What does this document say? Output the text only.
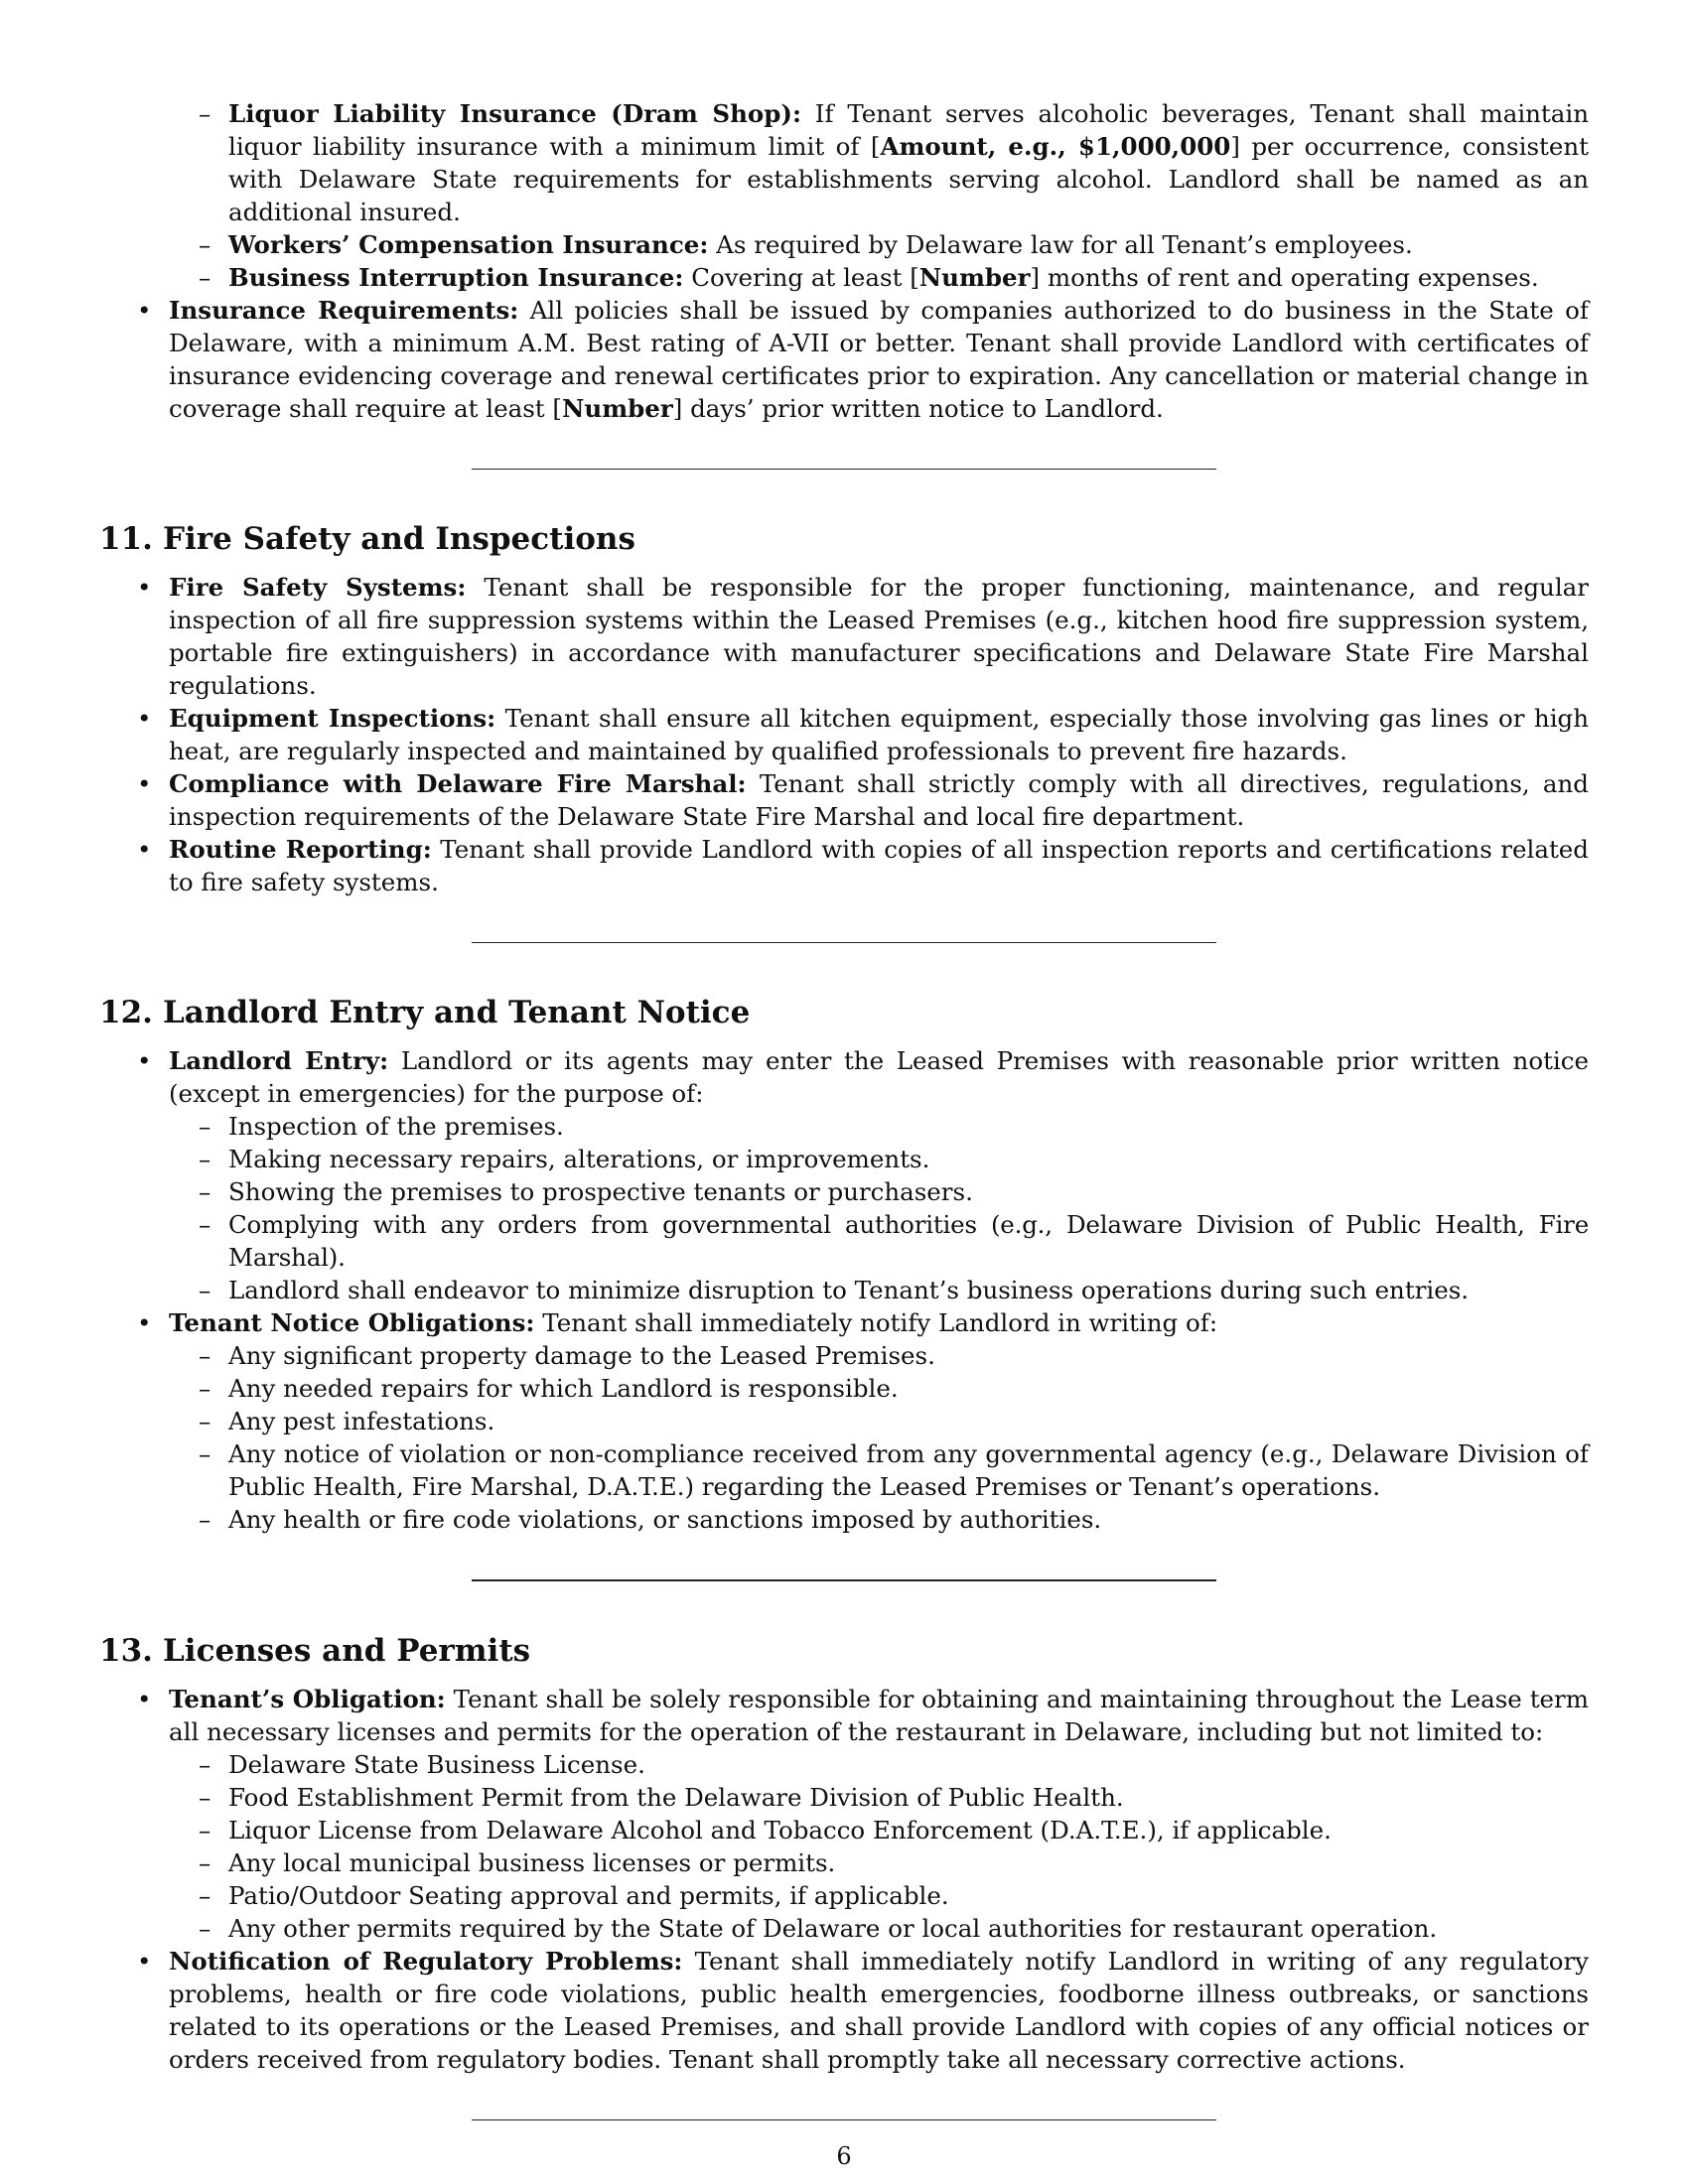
– Liquor Liability Insurance (Dram Shop): If Tenant serves alcoholic beverages, Tenant shall maintain liquor liability insurance with a minimum limit of [Amount, e.g., $1,000,000] per occurrence, consistent with Delaware State requirements for establishments serving alcohol. Landlord shall be named as an additional insured.
– Workers’ Compensation Insurance: As required by Delaware law for all Tenant’s employees.
– Business Interruption Insurance: Covering at least [Number] months of rent and operating expenses.
• Insurance Requirements: All policies shall be issued by companies authorized to do business in the State of Delaware, with a minimum A.M. Best rating of A-VII or better. Tenant shall provide Landlord with certificates of insurance evidencing coverage and renewal certificates prior to expiration. Any cancellation or material change in coverage shall require at least [Number] days’ prior written notice to Landlord.
11. Fire Safety and Inspections
• Fire Safety Systems: Tenant shall be responsible for the proper functioning, maintenance, and regular inspection of all fire suppression systems within the Leased Premises (e.g., kitchen hood fire suppression system, portable fire extinguishers) in accordance with manufacturer specifications and Delaware State Fire Marshal regulations.
• Equipment Inspections: Tenant shall ensure all kitchen equipment, especially those involving gas lines or high heat, are regularly inspected and maintained by qualified professionals to prevent fire hazards.
• Compliance with Delaware Fire Marshal: Tenant shall strictly comply with all directives, regulations, and inspection requirements of the Delaware State Fire Marshal and local fire department.
• Routine Reporting: Tenant shall provide Landlord with copies of all inspection reports and certifications related to fire safety systems.
12. Landlord Entry and Tenant Notice
• Landlord Entry: Landlord or its agents may enter the Leased Premises with reasonable prior written notice (except in emergencies) for the purpose of:
– Inspection of the premises.
– Making necessary repairs, alterations, or improvements.
– Showing the premises to prospective tenants or purchasers.
– Complying with any orders from governmental authorities (e.g., Delaware Division of Public Health, Fire Marshal).
– Landlord shall endeavor to minimize disruption to Tenant’s business operations during such entries.
• Tenant Notice Obligations: Tenant shall immediately notify Landlord in writing of:
– Any significant property damage to the Leased Premises.
– Any needed repairs for which Landlord is responsible.
– Any pest infestations.
– Any notice of violation or non-compliance received from any governmental agency (e.g., Delaware Division of Public Health, Fire Marshal, D.A.T.E.) regarding the Leased Premises or Tenant’s operations.
– Any health or fire code violations, or sanctions imposed by authorities.
13. Licenses and Permits
• Tenant’s Obligation: Tenant shall be solely responsible for obtaining and maintaining throughout the Lease term all necessary licenses and permits for the operation of the restaurant in Delaware, including but not limited to:
– Delaware State Business License.
– Food Establishment Permit from the Delaware Division of Public Health.
– Liquor License from Delaware Alcohol and Tobacco Enforcement (D.A.T.E.), if applicable.
– Any local municipal business licenses or permits.
– Patio/Outdoor Seating approval and permits, if applicable.
– Any other permits required by the State of Delaware or local authorities for restaurant operation.
• Notification of Regulatory Problems: Tenant shall immediately notify Landlord in writing of any regulatory problems, health or fire code violations, public health emergencies, foodborne illness outbreaks, or sanctions related to its operations or the Leased Premises, and shall provide Landlord with copies of any official notices or orders received from regulatory bodies. Tenant shall promptly take all necessary corrective actions.
6
